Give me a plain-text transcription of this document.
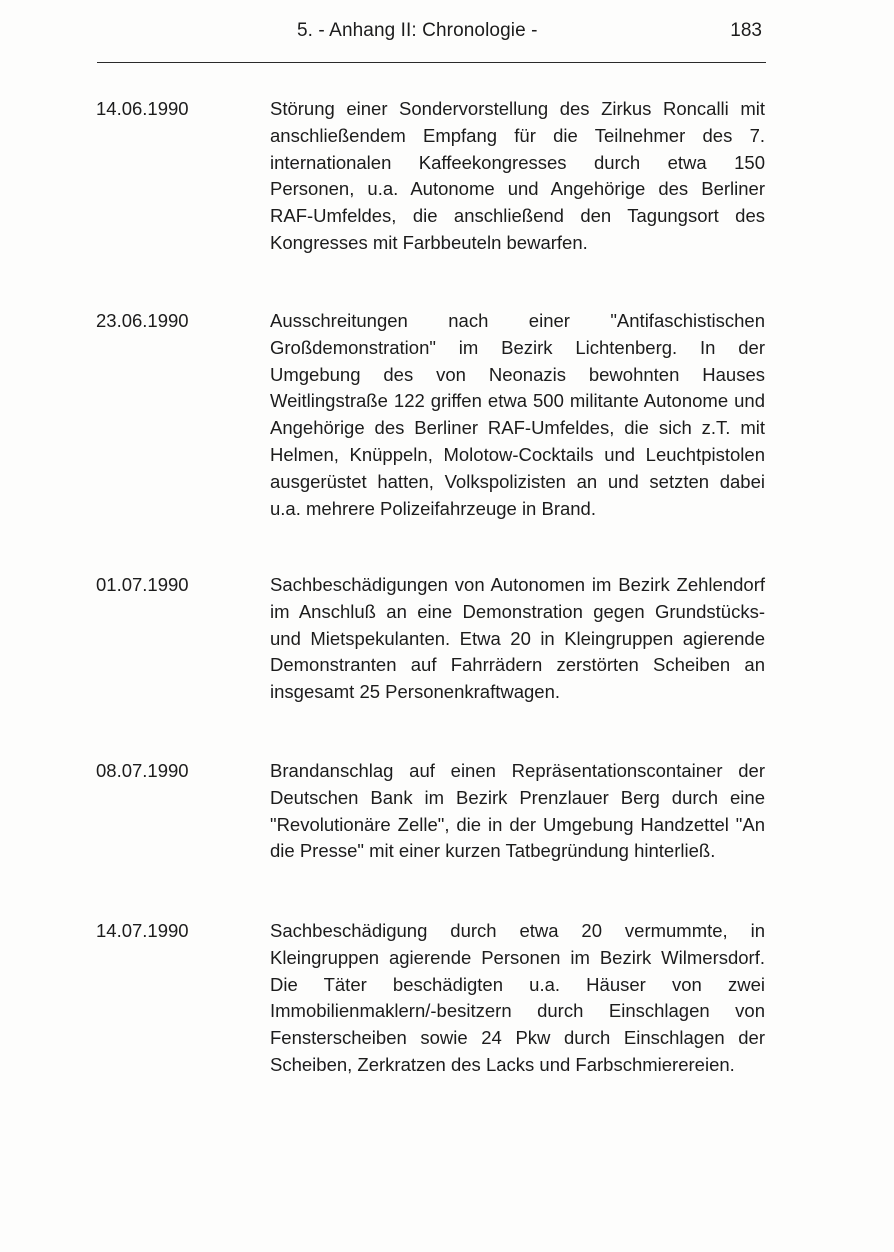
5. - Anhang II: Chronologie -	183
14.06.1990	Störung einer Sondervorstellung des Zirkus Roncalli mit anschließendem Empfang für die Teilnehmer des 7. internationalen Kaffeekongresses durch etwa 150 Personen, u.a. Autonome und Angehörige des Berliner RAF-Umfeldes, die anschließend den Tagungsort des Kongresses mit Farbbeuteln bewarfen.
23.06.1990	Ausschreitungen nach einer "Antifaschistischen Großdemonstration" im Bezirk Lichtenberg. In der Umgebung des von Neonazis bewohnten Hauses Weitlingstraße 122 griffen etwa 500 militante Autonome und Angehörige des Berliner RAF-Umfeldes, die sich z.T. mit Helmen, Knüppeln, Molotow-Cocktails und Leuchtpistolen ausgerüstet hatten, Volkspolizisten an und setzten dabei u.a. mehrere Polizeifahrzeuge in Brand.
01.07.1990	Sachbeschädigungen von Autonomen im Bezirk Zehlendorf im Anschluß an eine Demonstration gegen Grundstücks- und Mietspekulanten. Etwa 20 in Kleingruppen agierende Demonstranten auf Fahrrädern zerstörten Scheiben an insgesamt 25 Personenkraftwagen.
08.07.1990	Brandanschlag auf einen Repräsentationscontainer der Deutschen Bank im Bezirk Prenzlauer Berg durch eine "Revolutionäre Zelle", die in der Umgebung Handzettel "An die Presse" mit einer kurzen Tatbegründung hinterließ.
14.07.1990	Sachbeschädigung durch etwa 20 vermummte, in Kleingruppen agierende Personen im Bezirk Wilmersdorf. Die Täter beschädigten u.a. Häuser von zwei Immobilienmaklern/-besitzern durch Einschlagen von Fensterscheiben sowie 24 Pkw durch Einschlagen der Scheiben, Zerkratzen des Lacks und Farbschmierereien.
